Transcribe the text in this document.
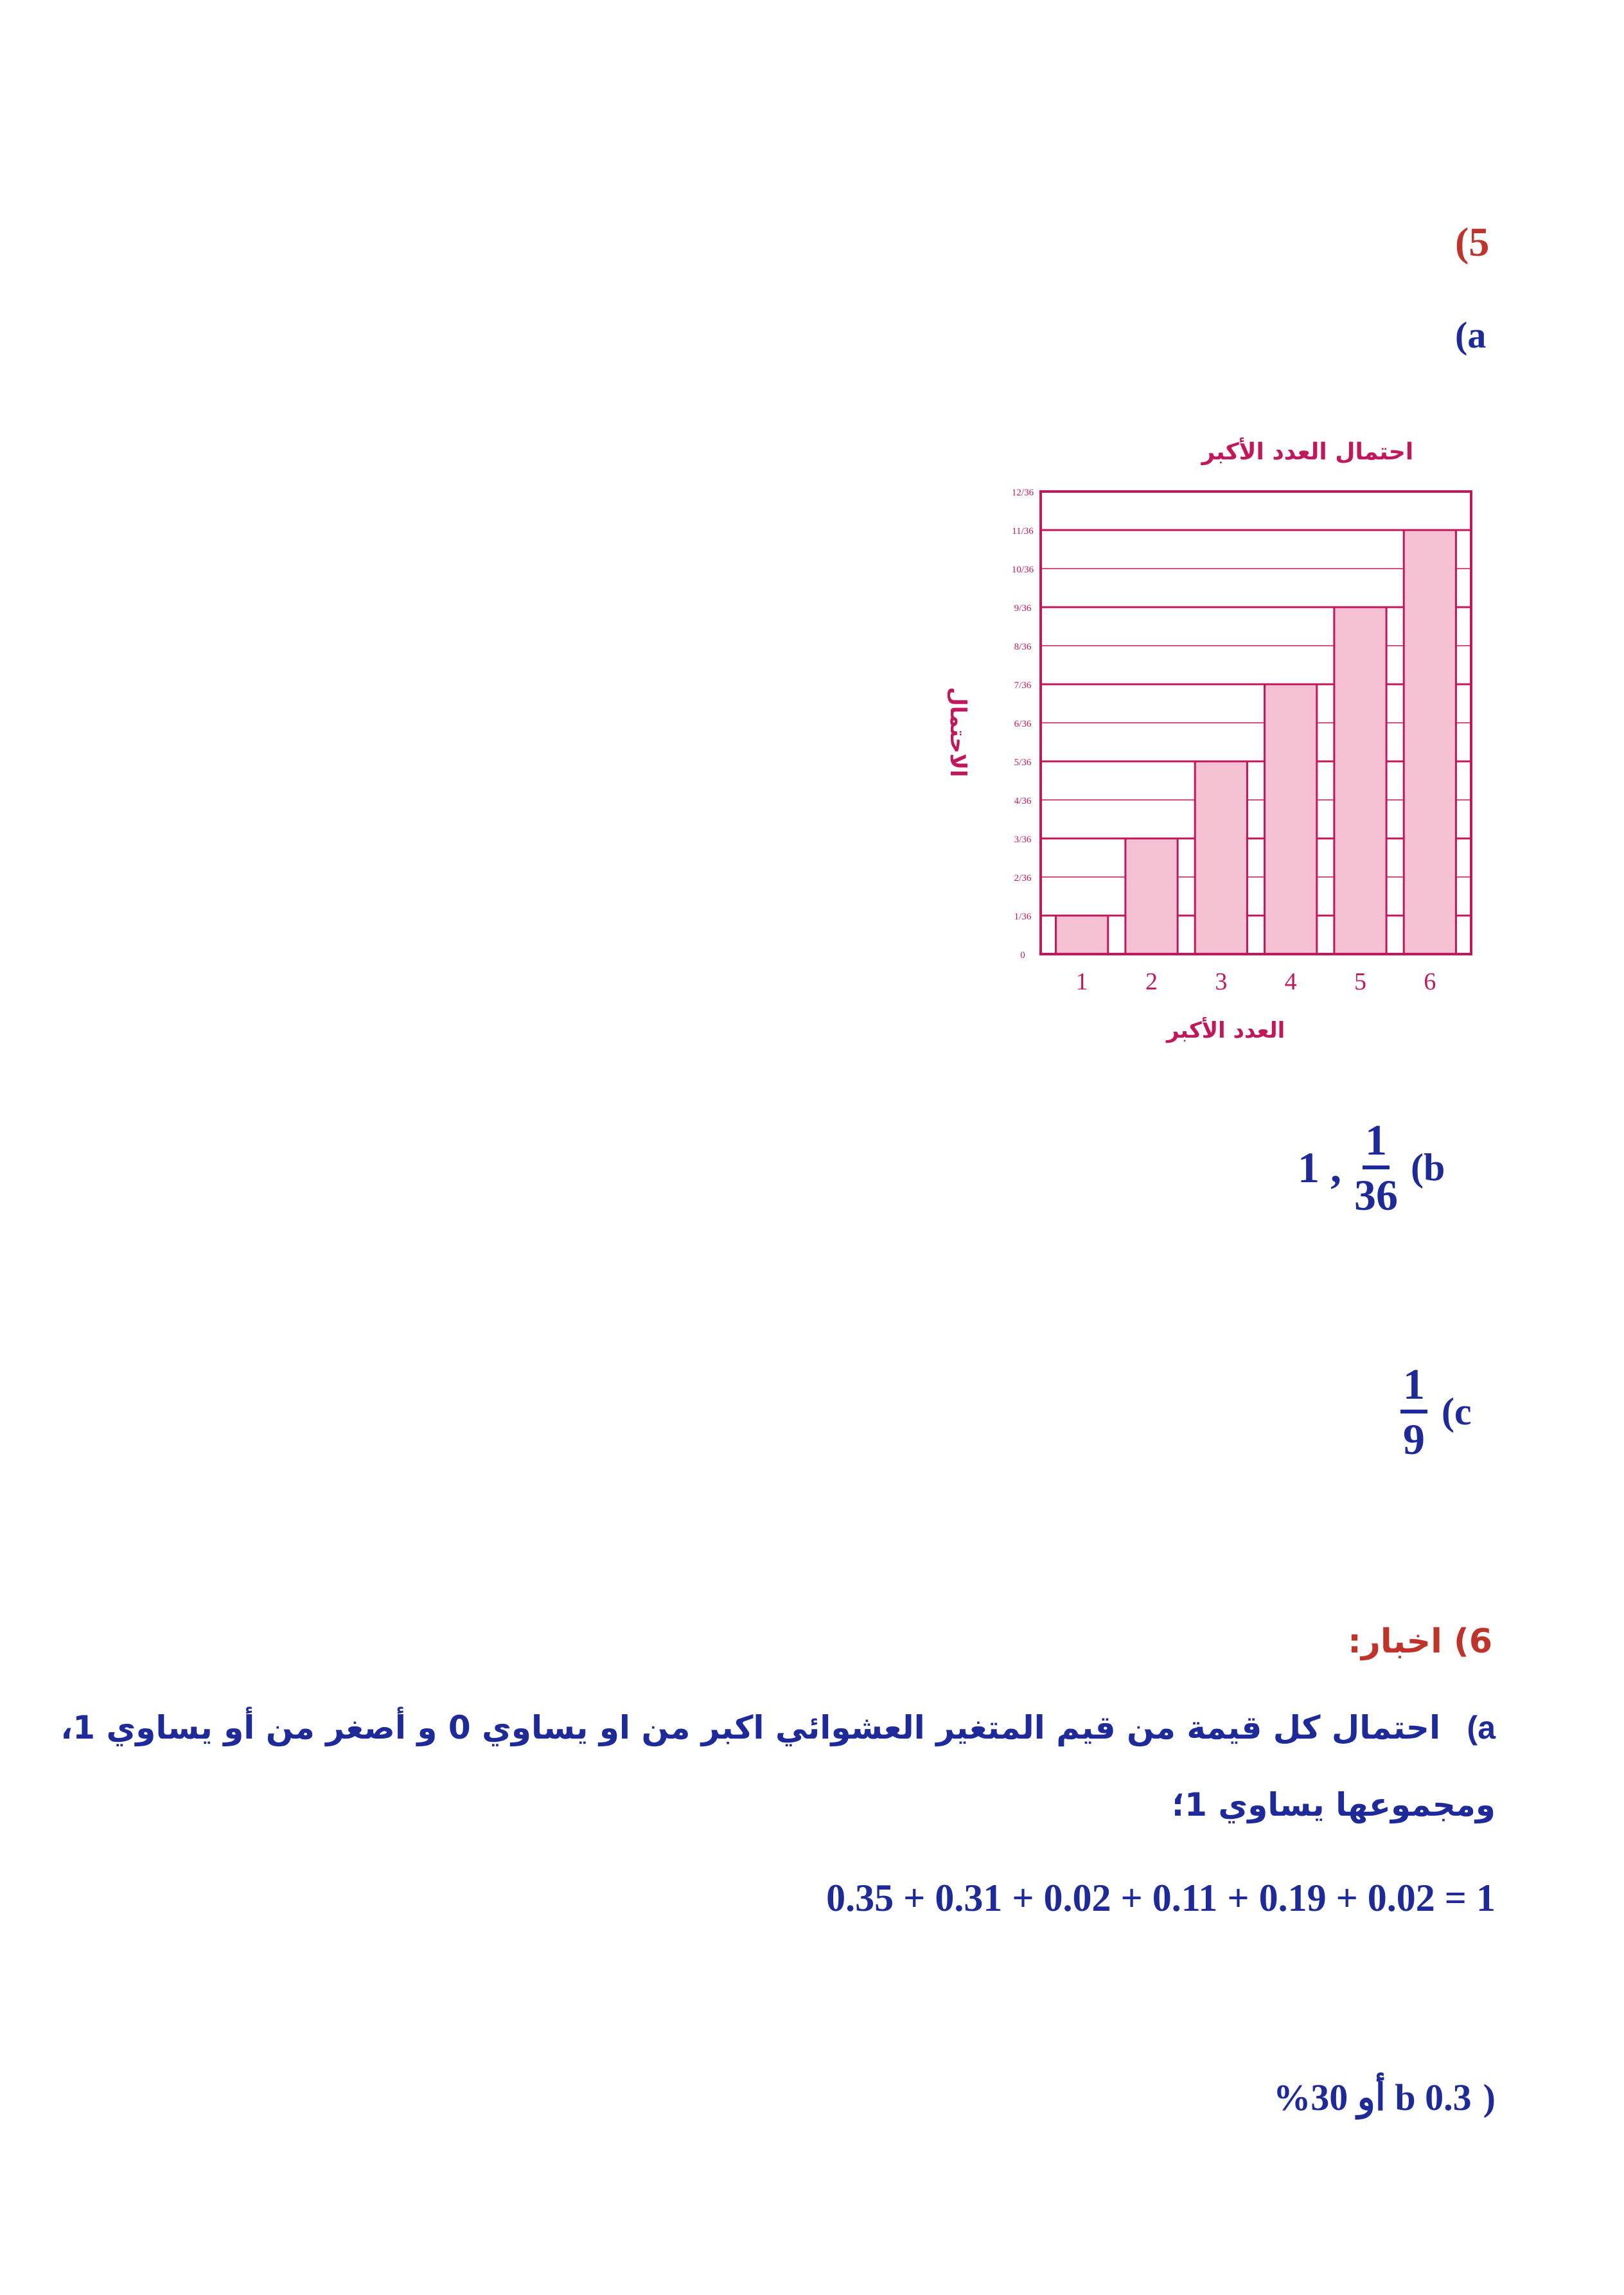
(5
(a
0
1/36
2/36
3/36
4/36
5/36
6/36
7/36
8/36
9/36
10/36
11/36
12/36
1 2 3 4 5 6
احتمال العدد الأكبر
العدد الأكبر
الاحتمال
1 , $\frac{1}{36} (b$
$\frac{1}{9} (c$
6) اخبار:
a) احتمال كل قيمة من قيم المتغير العشوائي اكبر من او يساوي 0 و أصغر من أو يساوي 1،
ومجموعها يساوي 1؛
0.35 + 0.31 + 0.02 + 0.11 + 0.19 + 0.02 = 1
(b 0.3 أو 30%
